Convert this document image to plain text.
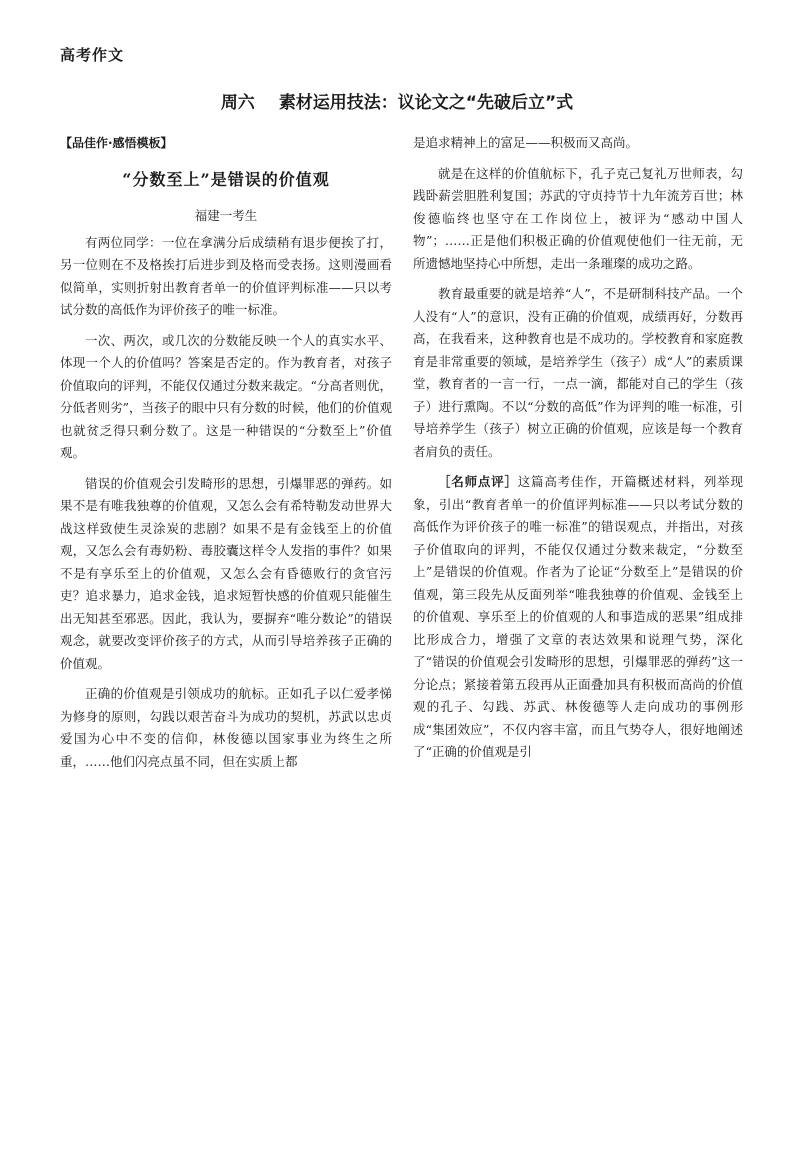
高考作文
周六 素材运用技法：议论文之“先破后立”式
【品佳作·感悟模板】
“分数至上”是错误的价值观
福建一考生

有两位同学：一位在拿满分后成绩稍有退步便挨了打，另一位则在不及格挨打后进步到及格而受表扬。这则漫画看似简单，实则折射出教育者单一的价值评判标准——只以考试分数的高低作为评价孩子的唯一标准。

一次、两次，或几次的分数能反映一个人的真实水平、体现一个人的价值吗？答案是否定的。作为教育者，对孩子价值取向的评判，不能仅仅通过分数来裁定。“分高者则优，分低者则劣”，当孩子的眼中只有分数的时候，他们的价值观也就贫乏得只剩分数了。这是一种错误的“分数至上”价值观。

错误的价值观会引发畸形的思想，引爆罪恶的弹药。如果不是有唯我独尊的价值观，又怎么会有希特勒发动世界大战这样致使生灵涂炭的悲剧？如果不是有金钱至上的价值观，又怎么会有毒奶粉、毒胶囊这样令人发指的事件？如果不是有享乐至上的价值观，又怎么会有昏德败行的贪官污吏？追求暴力，追求金钱，追求短暂快感的价值观只能催生出无知甚至邪恶。因此，我认为，要摒弃“唯分数论”的错误观念，就要改变评价孩子的方式，从而引导培养孩子正确的价值观。

正确的价值观是引领成功的航标。正如孔子以仁爱孝悌为修身的原则，勾践以艰苦奋斗为成功的契机，苏武以忠贞爱国为心中不变的信仰，林俊德以国家事业为终生之所重，……他们闪亮点虽不同，但在实质上都

是追求精神上的富足——积极而又高尚。

就是在这样的价值航标下，孔子克己复礼万世师表，勾践卧薪尝胆胜利复国；苏武的守贞持节十九年流芳百世；林俊德临终也坚守在工作岗位上，被评为“感动中国人物”；……正是他们积极正确的价值观使他们一往无前，无所遗憾地坚持心中所想，走出一条璀璨的成功之路。

教育最重要的就是培养“人”，不是研制科技产品。一个人没有“人”的意识，没有正确的价值观，成绩再好，分数再高，在我看来，这种教育也是不成功的。学校教育和家庭教育是非常重要的领域，是培养学生（孩子）成“人”的素质课堂，教育者的一言一行，一点一滴，都能对自己的学生（孩子）进行熏陶。不以“分数的高低”作为评判的唯一标准，引导培养学生（孩子）树立正确的价值观，应该是每一个教育者肩负的责任。

［名师点评］这篇高考佳作，开篇概述材料，列举现象，引出“教育者单一的价值评判标准——只以考试分数的高低作为评价孩子的唯一标准”的错误观点，并指出，对孩子价值取向的评判，不能仅仅通过分数来裁定，“分数至上”是错误的价值观。作者为了论证“分数至上”是错误的价值观，第三段先从反面列举“唯我独尊的价值观、金钱至上的价值观、享乐至上的价值观的人和事造成的恶果”组成排比形成合力，增强了文章的表达效果和说理气势，深化了“错误的价值观会引发畸形的思想，引爆罪恶的弹药”这一分论点；紧接着第五段再从正面叠加具有积极而高尚的价值观的孔子、勾践、苏武、林俊德等人走向成功的事例形成“集团效应”，不仅内容丰富，而且气势夺人，很好地阐述了“正确的价值观是引
